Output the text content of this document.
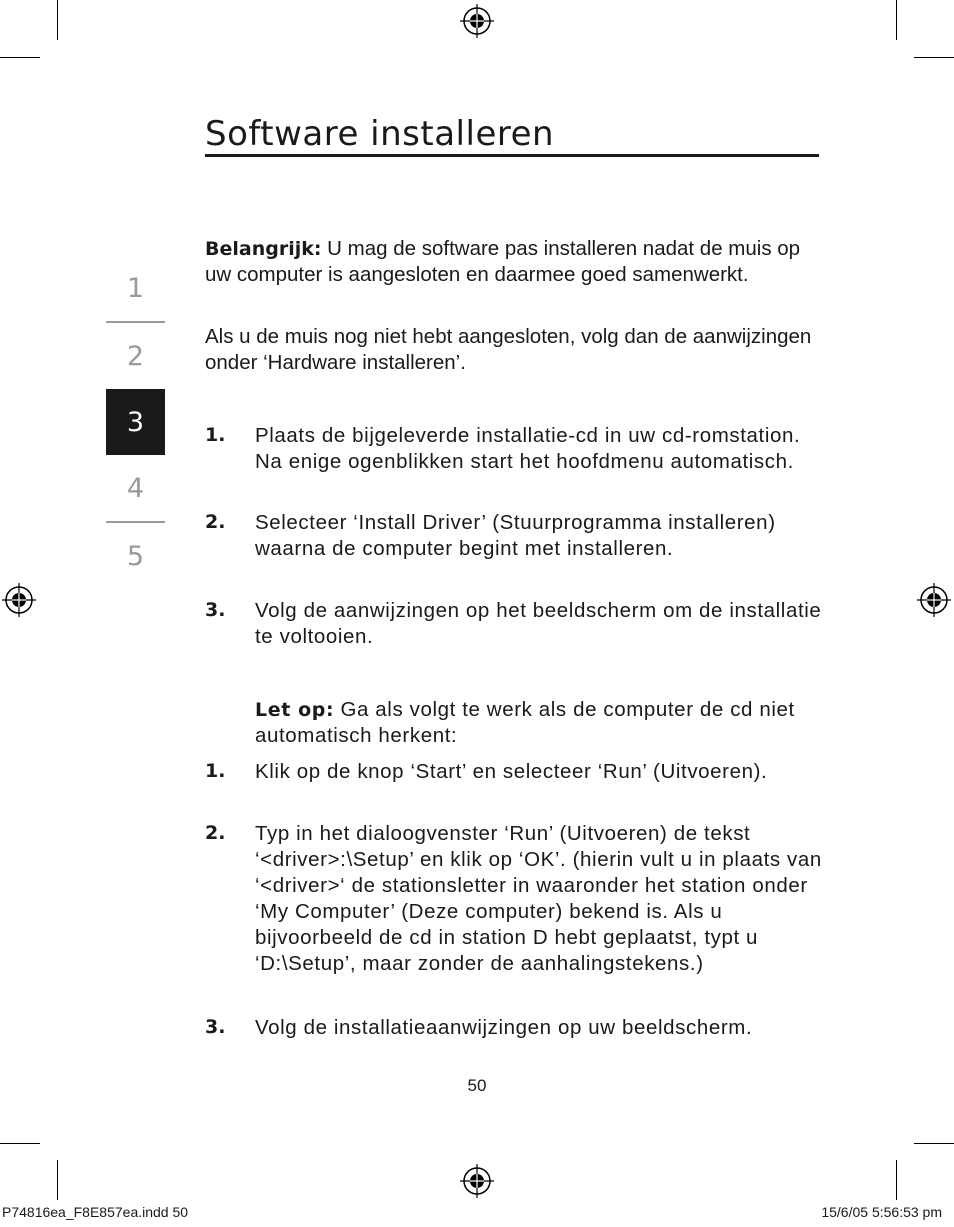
Software installeren
1
2
3
4
5
Belangrijk: U mag de software pas installeren nadat de muis op uw computer is aangesloten en daarmee goed samenwerkt.
Als u de muis nog niet hebt aangesloten, volg dan de aanwijzingen onder ‘Hardware installeren’.
1.	Plaats de bijgeleverde installatie-cd in uw cd-romstation. Na enige ogenblikken start het hoofdmenu automatisch.
2.	Selecteer ‘Install Driver’ (Stuurprogramma installeren) waarna de computer begint met installeren.
3.	Volg de aanwijzingen op het beeldscherm om de installatie te voltooien.
Let op: Ga als volgt te werk als de computer de cd niet automatisch herkent:
1.	Klik op de knop ‘Start’ en selecteer ‘Run’ (Uitvoeren).
2.	Typ in het dialoogvenster ‘Run’ (Uitvoeren) de tekst ‘<driver>:\Setup’ en klik op ‘OK’. (hierin vult u in plaats van ‘<driver>‘ de stationsletter in waaronder het station onder ‘My Computer’ (Deze computer) bekend is. Als u bijvoorbeeld de cd in station D hebt geplaatst, typt u ‘D:\Setup’, maar zonder de aanhalingstekens.)
3.	Volg de installatieaanwijzingen op uw beeldscherm.
50
P74816ea_F8E857ea.indd 50	15/6/05 5:56:53 pm
